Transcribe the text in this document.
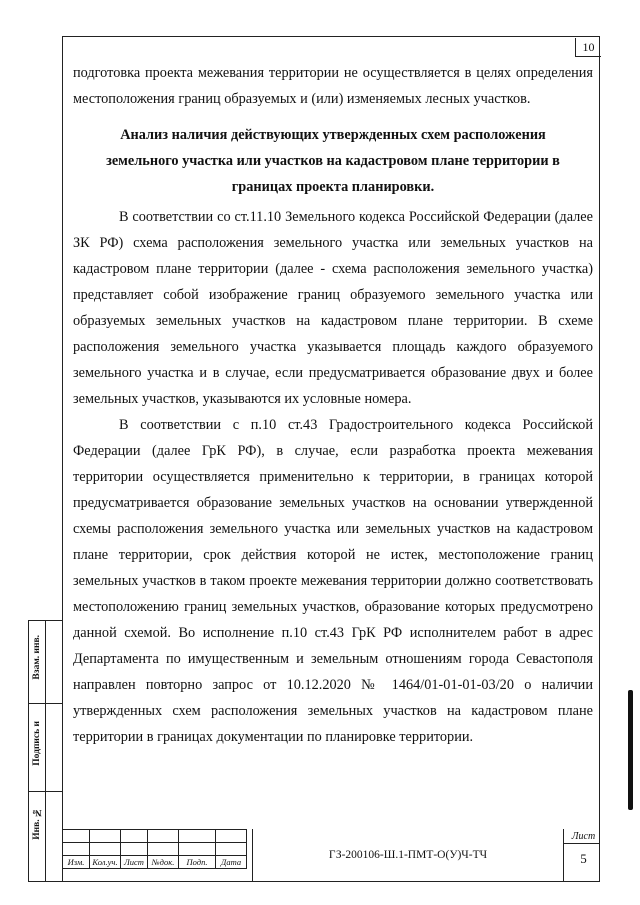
10

подготовка проекта межевания территории не осуществляется в целях определения местоположения границ образуемых и (или) изменяемых лесных участков.

Анализ наличия действующих утвержденных схем расположения земельного участка или участков на кадастровом плане территории в границах проекта планировки.

В соответствии со ст.11.10 Земельного кодекса Российской Федерации (далее ЗК РФ) схема расположения земельного участка или земельных участков на кадастровом плане территории (далее - схема расположения земельного участка) представляет собой изображение границ образуемого земельного участка или образуемых земельных участков на кадастровом плане территории. В схеме расположения земельного участка указывается площадь каждого образуемого земельного участка и в случае, если предусматривается образование двух и более земельных участков, указываются их условные номера.

В соответствии с п.10 ст.43 Градостроительного кодекса Российской Федерации (далее ГрК РФ), в случае, если разработка проекта межевания территории осуществляется применительно к территории, в границах которой предусматривается образование земельных участков на основании утвержденной схемы расположения земельного участка или земельных участков на кадастровом плане территории, срок действия которой не истек, местоположение границ земельных участков в таком проекте межевания территории должно соответствовать местоположению границ земельных участков, образование которых предусмотрено данной схемой. Во исполнение п.10 ст.43 ГрК РФ исполнителем работ в адрес Департамента по имущественным и земельным отношениям города Севастополя направлен повторно запрос от 10.12.2020 № 1464/01-01-01-03/20 о наличии утвержденных схем расположения земельных участков на кадастровом плане территории в границах документации по планировке территории.

Взам. инв.
Подпись и
Инв. №

Изм.	Кол.уч.	Лист	№док.	Подп.	Дата
ГЗ-200106-Ш.1-ПМТ-О(У)Ч-ТЧ
Лист
5
